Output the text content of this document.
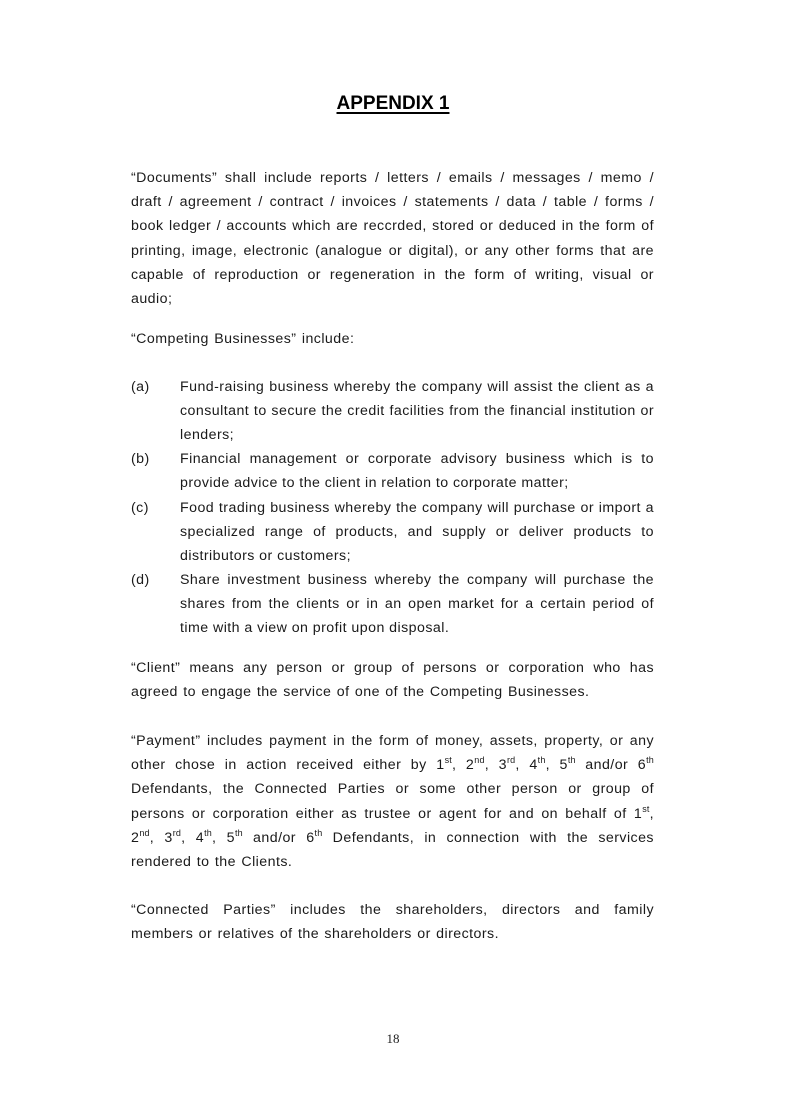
APPENDIX 1

“Documents” shall include reports / letters / emails / messages / memo / draft / agreement / contract / invoices / statements / data / table / forms / book ledger / accounts which are reccrded, stored or deduced in the form of printing, image, electronic (analogue or digital), or any other forms that are capable of reproduction or regeneration in the form of writing, visual or audio;

“Competing Businesses” include:

(a) Fund-raising business whereby the company will assist the client as a consultant to secure the credit facilities from the financial institution or lenders;
(b) Financial management or corporate advisory business which is to provide advice to the client in relation to corporate matter;
(c) Food trading business whereby the company will purchase or import a specialized range of products, and supply or deliver products to distributors or customers;
(d) Share investment business whereby the company will purchase the shares from the clients or in an open market for a certain period of time with a view on profit upon disposal.

“Client” means any person or group of persons or corporation who has agreed to engage the service of one of the Competing Businesses.

“Payment” includes payment in the form of money, assets, property, or any other chose in action received either by 1st, 2nd, 3rd, 4th, 5th and/or 6th Defendants, the Connected Parties or some other person or group of persons or corporation either as trustee or agent for and on behalf of 1st, 2nd, 3rd, 4th, 5th and/or 6th Defendants, in connection with the services rendered to the Clients.

“Connected Parties” includes the shareholders, directors and family members or relatives of the shareholders or directors.

18
